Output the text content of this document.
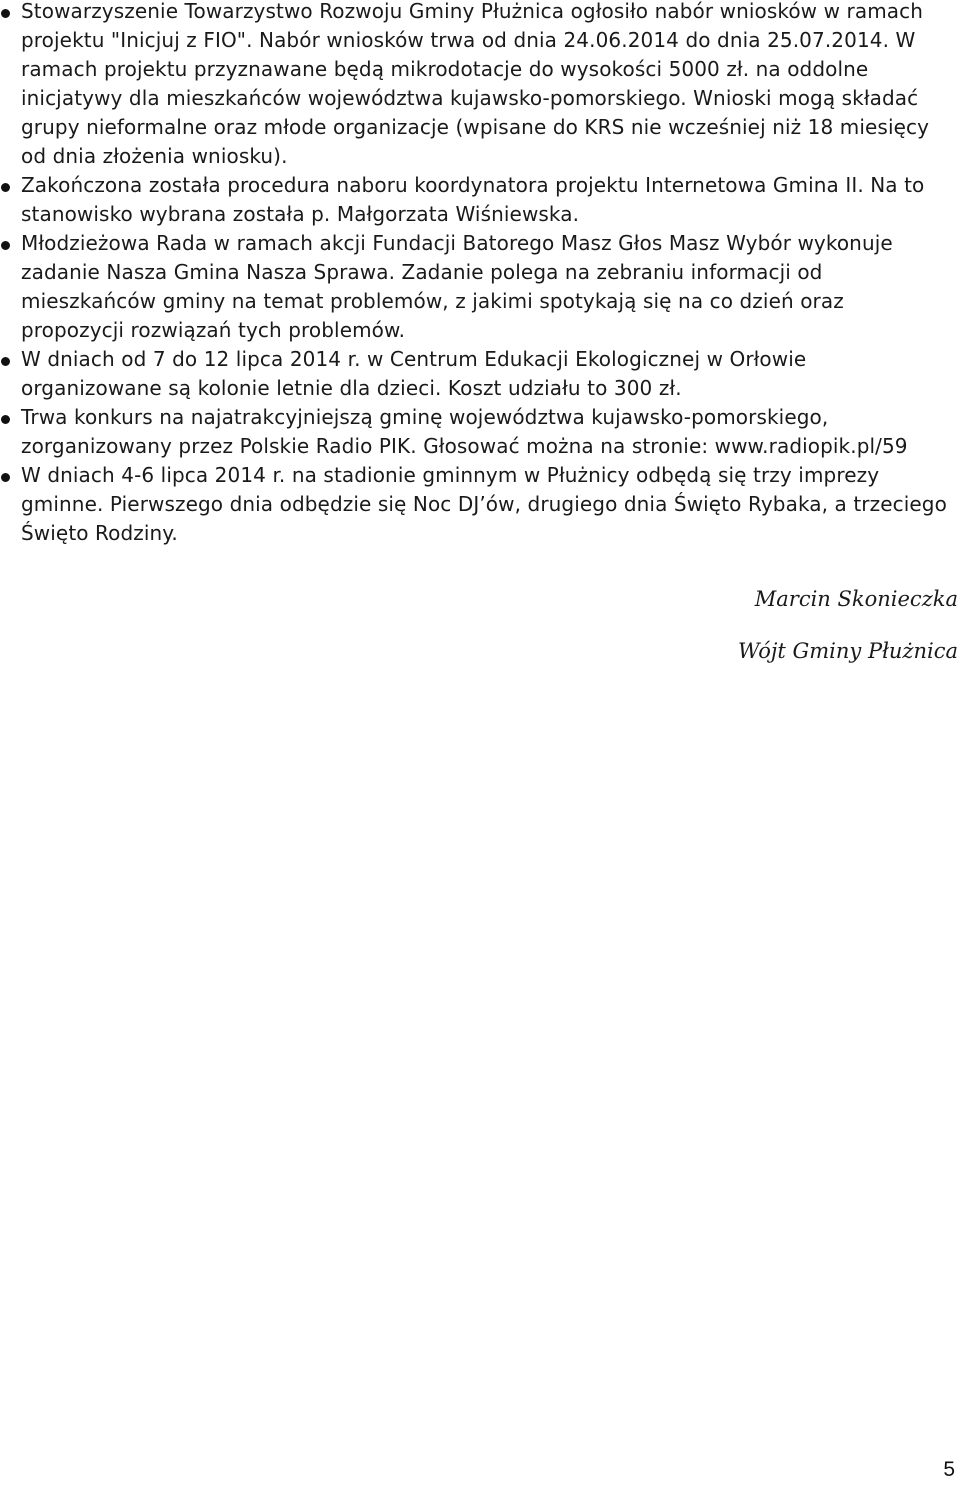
Stowarzyszenie Towarzystwo Rozwoju Gminy Płużnica ogłosiło nabór wniosków w ramach projektu "Inicjuj z FIO". Nabór wniosków trwa od dnia 24.06.2014 do dnia 25.07.2014. W ramach projektu przyznawane będą mikrodotacje do wysokości 5000 zł. na oddolne inicjatywy dla mieszkańców województwa kujawsko-pomorskiego. Wnioski mogą składać grupy nieformalne oraz młode organizacje (wpisane do KRS nie wcześniej niż 18 miesięcy od dnia złożenia wniosku).
Zakończona została procedura naboru koordynatora projektu Internetowa Gmina II. Na to stanowisko wybrana została p. Małgorzata Wiśniewska.
Młodzieżowa Rada w ramach akcji Fundacji Batorego Masz Głos Masz Wybór wykonuje zadanie Nasza Gmina Nasza Sprawa. Zadanie polega na zebraniu informacji od mieszkańców gminy na temat problemów, z jakimi spotykają się na co dzień oraz propozycji rozwiązań tych problemów.
W dniach od 7 do 12 lipca 2014 r. w Centrum Edukacji Ekologicznej w Orłowie organizowane są kolonie letnie dla dzieci. Koszt udziału to 300 zł.
Trwa konkurs na najatrakcyjniejszą gminę województwa kujawsko-pomorskiego, zorganizowany przez Polskie Radio PIK. Głosować można na stronie: www.radiopik.pl/59
W dniach 4-6 lipca 2014 r. na stadionie gminnym w Płużnicy odbędą się trzy imprezy gminne. Pierwszego dnia odbędzie się Noc DJ’ów, drugiego dnia Święto Rybaka, a trzeciego Święto Rodziny.
Marcin Skonieczka
Wójt Gminy Płużnica
5
